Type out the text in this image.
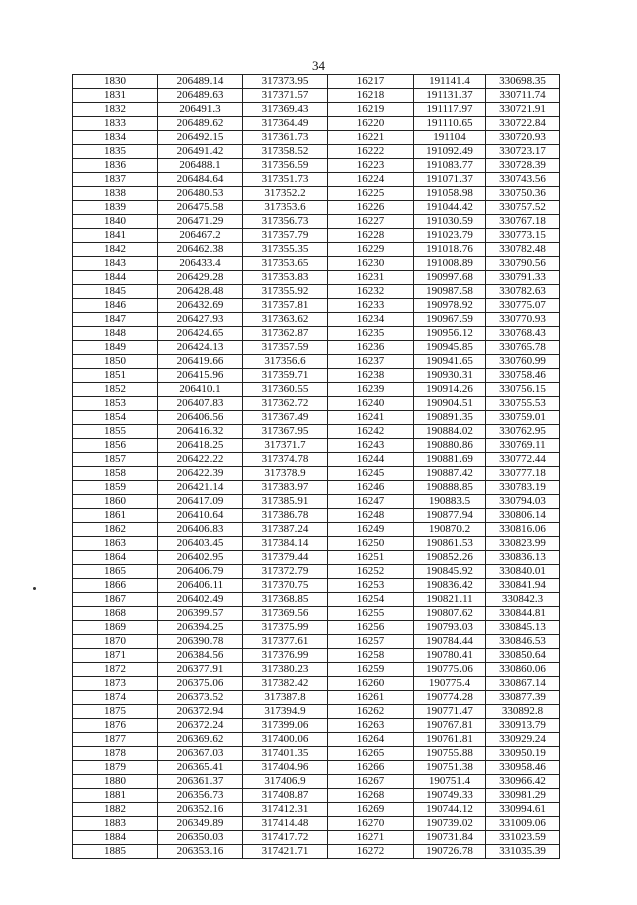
34
1830	206489.14	317373.95	16217	191141.4	330698.35
1831	206489.63	317371.57	16218	191131.37	330711.74
1832	206491.3	317369.43	16219	191117.97	330721.91
1833	206489.62	317364.49	16220	191110.65	330722.84
1834	206492.15	317361.73	16221	191104	330720.93
1835	206491.42	317358.52	16222	191092.49	330723.17
1836	206488.1	317356.59	16223	191083.77	330728.39
1837	206484.64	317351.73	16224	191071.37	330743.56
1838	206480.53	317352.2	16225	191058.98	330750.36
1839	206475.58	317353.6	16226	191044.42	330757.52
1840	206471.29	317356.73	16227	191030.59	330767.18
1841	206467.2	317357.79	16228	191023.79	330773.15
1842	206462.38	317355.35	16229	191018.76	330782.48
1843	206433.4	317353.65	16230	191008.89	330790.56
1844	206429.28	317353.83	16231	190997.68	330791.33
1845	206428.48	317355.92	16232	190987.58	330782.63
1846	206432.69	317357.81	16233	190978.92	330775.07
1847	206427.93	317363.62	16234	190967.59	330770.93
1848	206424.65	317362.87	16235	190956.12	330768.43
1849	206424.13	317357.59	16236	190945.85	330765.78
1850	206419.66	317356.6	16237	190941.65	330760.99
1851	206415.96	317359.71	16238	190930.31	330758.46
1852	206410.1	317360.55	16239	190914.26	330756.15
1853	206407.83	317362.72	16240	190904.51	330755.53
1854	206406.56	317367.49	16241	190891.35	330759.01
1855	206416.32	317367.95	16242	190884.02	330762.95
1856	206418.25	317371.7	16243	190880.86	330769.11
1857	206422.22	317374.78	16244	190881.69	330772.44
1858	206422.39	317378.9	16245	190887.42	330777.18
1859	206421.14	317383.97	16246	190888.85	330783.19
1860	206417.09	317385.91	16247	190883.5	330794.03
1861	206410.64	317386.78	16248	190877.94	330806.14
1862	206406.83	317387.24	16249	190870.2	330816.06
1863	206403.45	317384.14	16250	190861.53	330823.99
1864	206402.95	317379.44	16251	190852.26	330836.13
1865	206406.79	317372.79	16252	190845.92	330840.01
1866	206406.11	317370.75	16253	190836.42	330841.94
1867	206402.49	317368.85	16254	190821.11	330842.3
1868	206399.57	317369.56	16255	190807.62	330844.81
1869	206394.25	317375.99	16256	190793.03	330845.13
1870	206390.78	317377.61	16257	190784.44	330846.53
1871	206384.56	317376.99	16258	190780.41	330850.64
1872	206377.91	317380.23	16259	190775.06	330860.06
1873	206375.06	317382.42	16260	190775.4	330867.14
1874	206373.52	317387.8	16261	190774.28	330877.39
1875	206372.94	317394.9	16262	190771.47	330892.8
1876	206372.24	317399.06	16263	190767.81	330913.79
1877	206369.62	317400.06	16264	190761.81	330929.24
1878	206367.03	317401.35	16265	190755.88	330950.19
1879	206365.41	317404.96	16266	190751.38	330958.46
1880	206361.37	317406.9	16267	190751.4	330966.42
1881	206356.73	317408.87	16268	190749.33	330981.29
1882	206352.16	317412.31	16269	190744.12	330994.61
1883	206349.89	317414.48	16270	190739.02	331009.06
1884	206350.03	317417.72	16271	190731.84	331023.59
1885	206353.16	317421.71	16272	190726.78	331035.39
